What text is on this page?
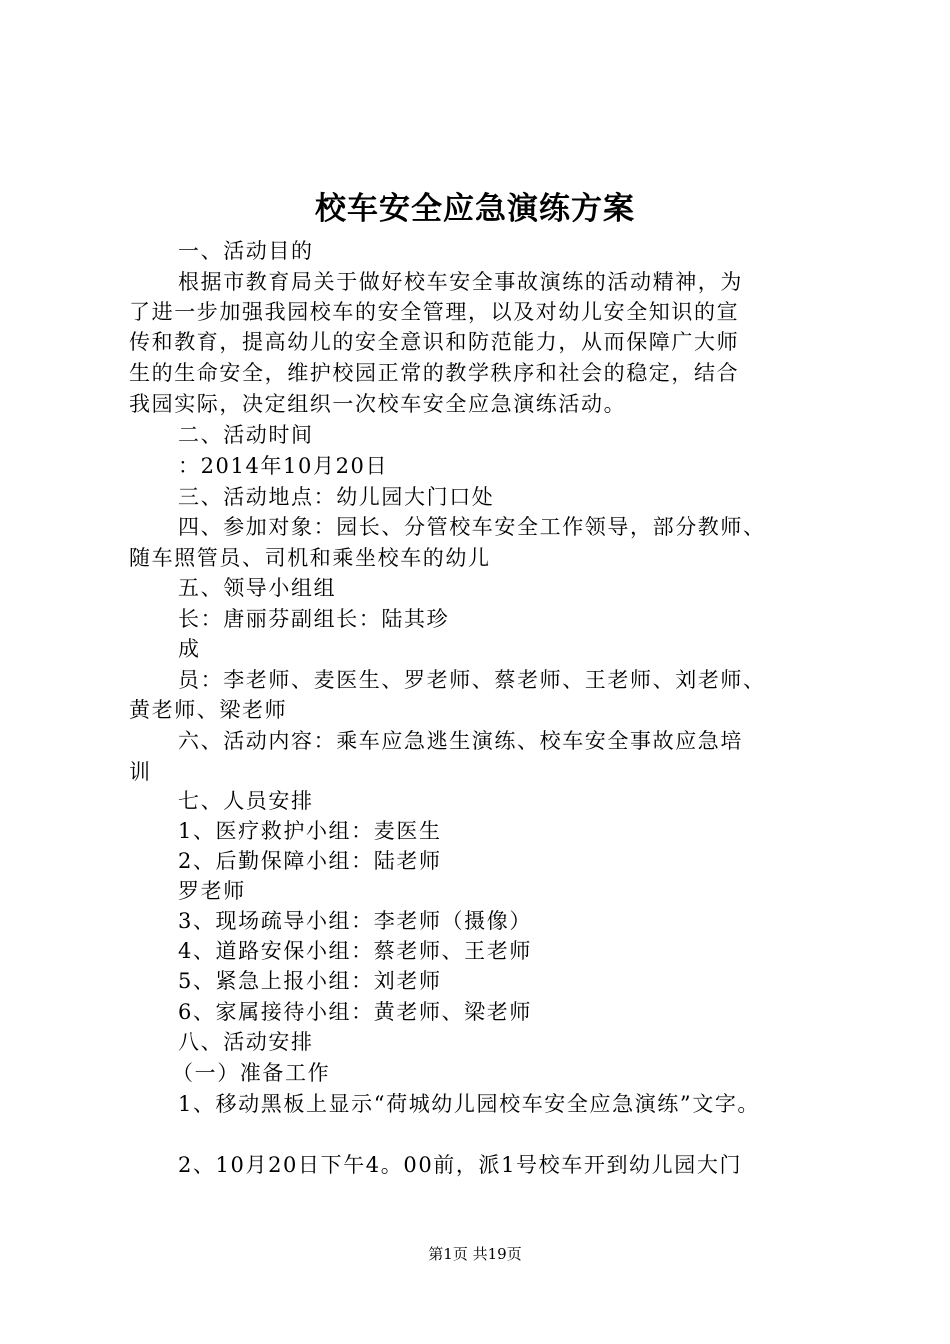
校车安全应急演练方案

一、活动目的

根据市教育局关于做好校车安全事故演练的活动精神，为

了进一步加强我园校车的安全管理，以及对幼儿安全知识的宣

传和教育，提高幼儿的安全意识和防范能力，从而保障广大师

生的生命安全，维护校园正常的教学秩序和社会的稳定，结合

我园实际，决定组织一次校车安全应急演练活动。

二、活动时间

：2014年10月20日

三、活动地点：幼儿园大门口处

四、参加对象：园长、分管校车安全工作领导，部分教师、

随车照管员、司机和乘坐校车的幼儿

五、领导小组组

长：唐丽芬副组长：陆其珍

成

员：李老师、麦医生、罗老师、蔡老师、王老师、刘老师、

黄老师、梁老师

六、活动内容：乘车应急逃生演练、校车安全事故应急培

训

七、人员安排

1、医疗救护小组：麦医生

2、后勤保障小组：陆老师

罗老师

3、现场疏导小组：李老师（摄像）

4、道路安保小组：蔡老师、王老师

5、紧急上报小组：刘老师

6、家属接待小组：黄老师、梁老师

八、活动安排

（一）准备工作

1、移动黑板上显示“荷城幼儿园校车安全应急演练”文字。

2、10月20日下午4。00前，派1号校车开到幼儿园大门

第1页 共19页
